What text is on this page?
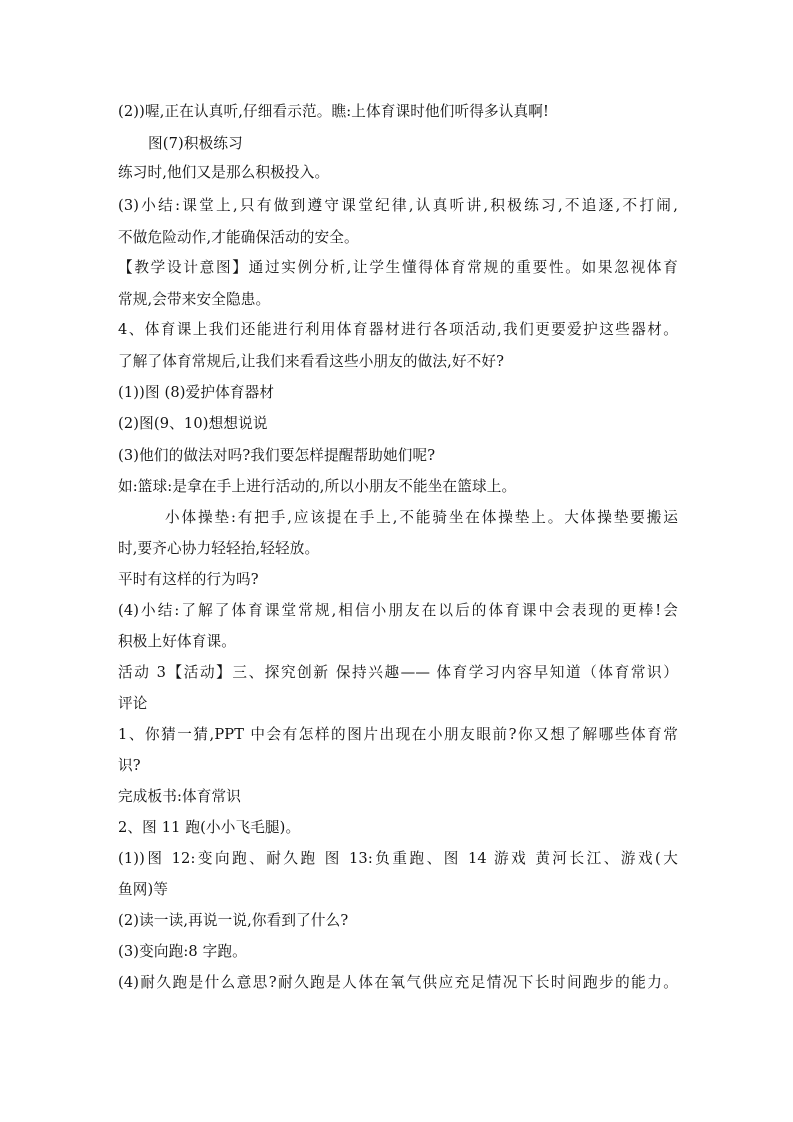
(2))喔,正在认真听,仔细看示范。瞧:上体育课时他们听得多认真啊!
图(7)积极练习
练习时,他们又是那么积极投入。
(3)小结:课堂上,只有做到遵守课堂纪律,认真听讲,积极练习,不追逐,不打闹,
不做危险动作,才能确保活动的安全。
【教学设计意图】通过实例分析,让学生懂得体育常规的重要性。如果忽视体育
常规,会带来安全隐患。
4、体育课上我们还能进行利用体育器材进行各项活动,我们更要爱护这些器材。
了解了体育常规后,让我们来看看这些小朋友的做法,好不好?
(1))图 (8)爱护体育器材
(2)图(9、10)想想说说
(3)他们的做法对吗?我们要怎样提醒帮助她们呢?
如:篮球:是拿在手上进行活动的,所以小朋友不能坐在篮球上。
小体操垫:有把手,应该提在手上,不能骑坐在体操垫上。大体操垫要搬运
时,要齐心协力轻轻抬,轻轻放。
平时有这样的行为吗?
(4)小结:了解了体育课堂常规,相信小朋友在以后的体育课中会表现的更棒!会
积极上好体育课。
活动 3【活动】三、探究创新 保持兴趣—— 体育学习内容早知道（体育常识）
评论
1、你猜一猜,PPT 中会有怎样的图片出现在小朋友眼前?你又想了解哪些体育常
识?
完成板书:体育常识
2、图 11 跑(小小飞毛腿)。
(1))图 12:变向跑、耐久跑 图 13:负重跑、图 14 游戏 黄河长江、游戏(大
鱼网)等
(2)读一读,再说一说,你看到了什么?
(3)变向跑:8 字跑。
(4)耐久跑是什么意思?耐久跑是人体在氧气供应充足情况下长时间跑步的能力。
